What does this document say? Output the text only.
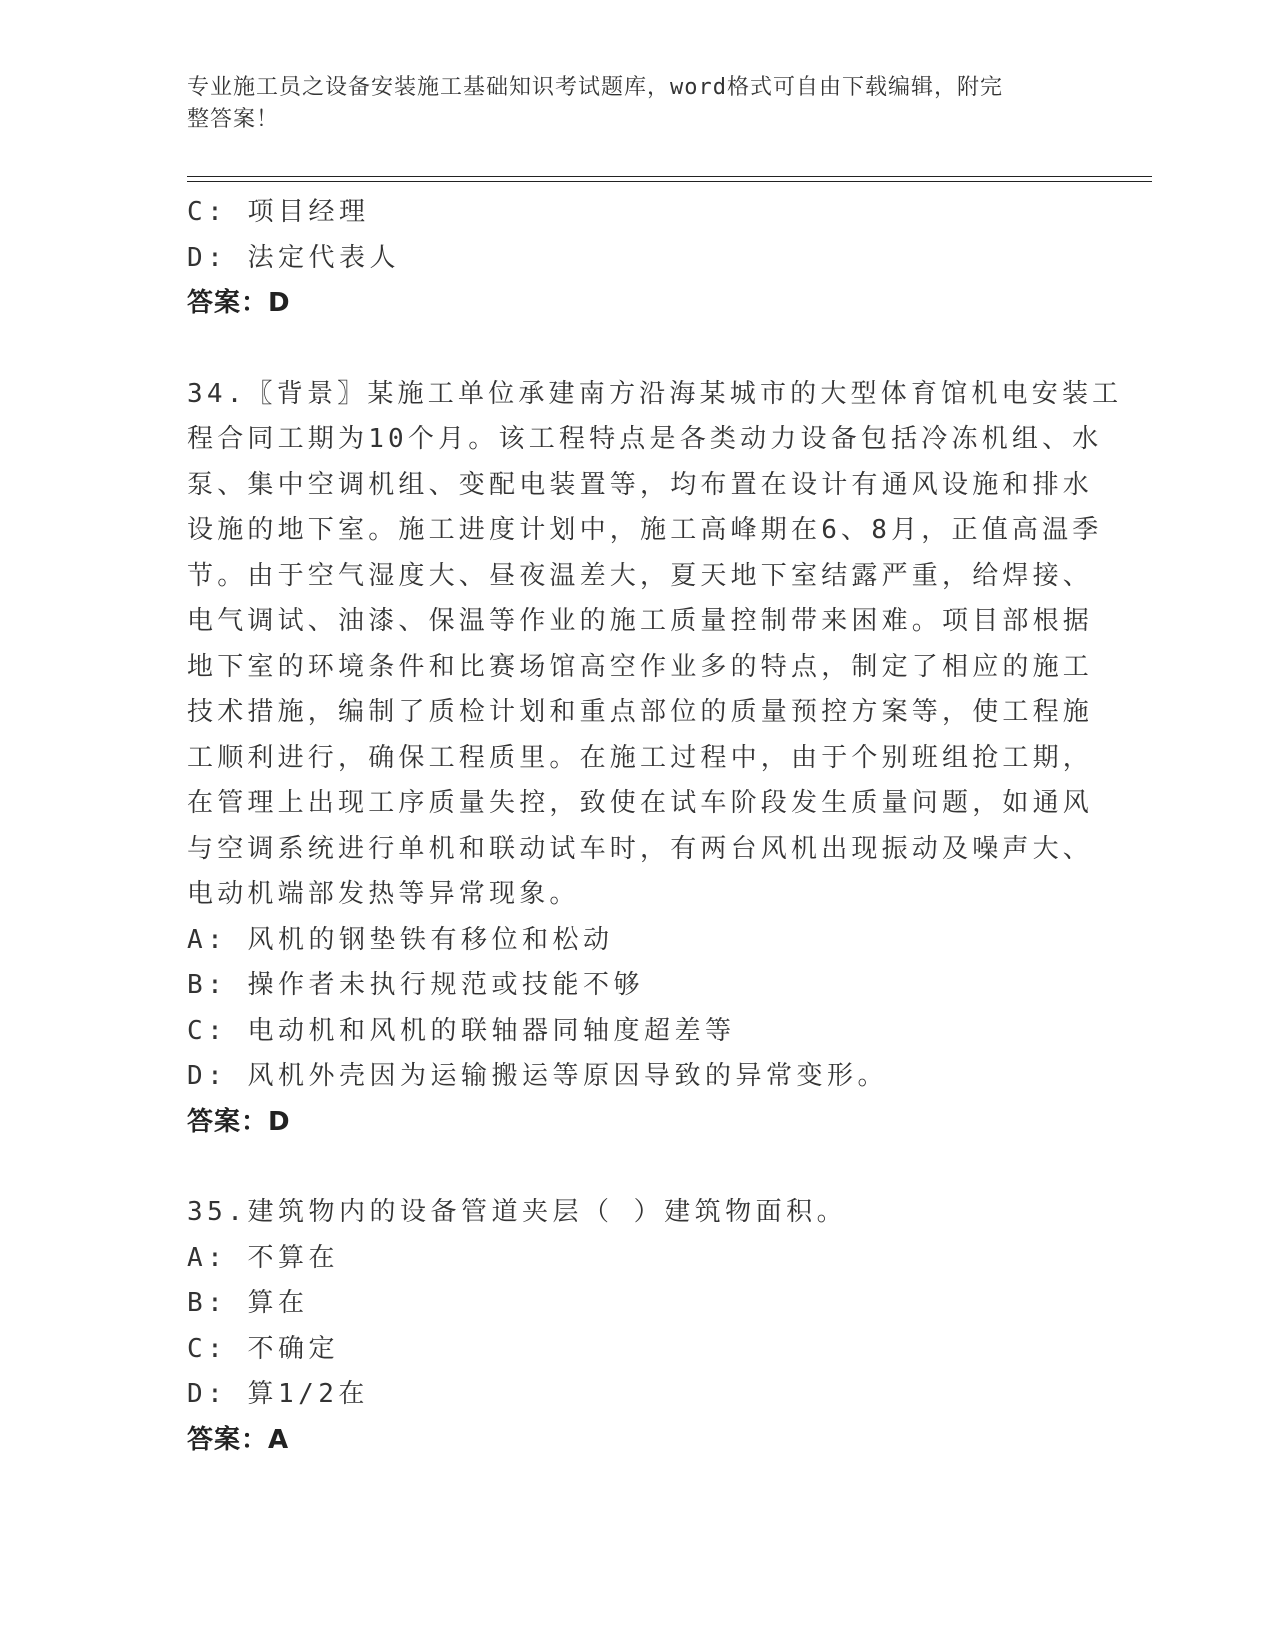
专业施工员之设备安装施工基础知识考试题库，word格式可自由下载编辑，附完
整答案！
C: 项目经理
D: 法定代表人
答案：D
34.〖背景〗某施工单位承建南方沿海某城市的大型体育馆机电安装工
程合同工期为10个月。该工程特点是各类动力设备包括冷冻机组、水
泵、集中空调机组、变配电装置等，均布置在设计有通风设施和排水
设施的地下室。施工进度计划中，施工高峰期在6、8月，正值高温季
节。由于空气湿度大、昼夜温差大，夏天地下室结露严重，给焊接、
电气调试、油漆、保温等作业的施工质量控制带来困难。项目部根据
地下室的环境条件和比赛场馆高空作业多的特点，制定了相应的施工
技术措施，编制了质检计划和重点部位的质量预控方案等，使工程施
工顺利进行，确保工程质里。在施工过程中，由于个别班组抢工期，
在管理上出现工序质量失控，致使在试车阶段发生质量问题，如通风
与空调系统进行单机和联动试车时，有两台风机出现振动及噪声大、
电动机端部发热等异常现象。
A: 风机的钢垫铁有移位和松动
B: 操作者未执行规范或技能不够
C: 电动机和风机的联轴器同轴度超差等
D: 风机外壳因为运输搬运等原因导致的异常变形。
答案：D
35.建筑物内的设备管道夹层（ ）建筑物面积。
A: 不算在
B: 算在
C: 不确定
D: 算1/2在
答案：A
